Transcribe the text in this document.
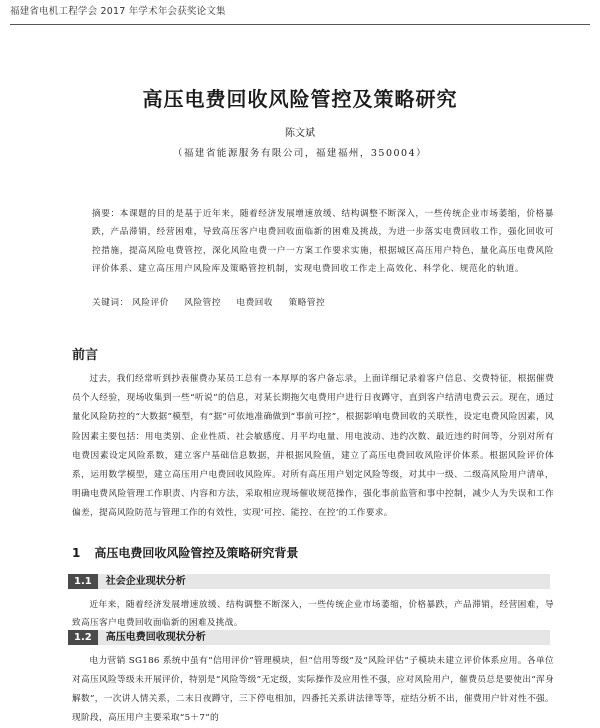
福建省电机工程学会 2017 年学术年会获奖论文集
高压电费回收风险管控及策略研究
陈文斌
（福建省能源服务有限公司，福建福州，350004）
摘要：本课题的目的是基于近年来，随着经济发展增速放缓、结构调整不断深入，一些传统企业市场萎缩，价格暴跌，产品滞销，经营困难，导致高压客户电费回收面临新的困难及挑战，为进一步落实电费回收工作，强化回收可控措施，提高风险电费管控，深化风险电费一户一方案工作要求实施，根据城区高压用户特色，量化高压电费风险评价体系、建立高压用户风险库及策略管控机制，实现电费回收工作走上高效化、科学化、规范化的轨道。
关键词： 风险评价 风险管控 电费回收 策略管控
前言
过去，我们经常听到抄表催费办某员工总有一本厚厚的客户备忘录，上面详细记录着客户信息、交费特征，根据催费员个人经验，现场收集到一些“听说”的信息，对某长期拖欠电费用户进行日夜蹲守，直到客户结清电费云云。现在，通过量化风险防控的“大数据”模型，有“据”可依地准确做到“事前可控”，根据影响电费回收的关联性，设定电费风险因素，风险因素主要包括：用电类别、企业性质、社会敏感度、月平均电量、用电波动、违约次数、最近违约时间等，分别对所有电费因素设定风险系数，建立客户基础信息数据，并根据风险值，建立了高压电费回收风险评价体系。根据风险评价体系，运用数学模型，建立高压用户电费回收风险库。对所有高压用户划定风险等级，对其中一级、二级高风险用户清单，明确电费风险管理工作职责、内容和方法，采取相应现场催收规范操作，强化事前监管和事中控制，减少人为失误和工作偏差，提高风险防范与管理工作的有效性，实现‘可控、能控、在控’的工作要求。
1 高压电费回收风险管控及策略研究背景
1.1 社会企业现状分析
近年来，随着经济发展增速放缓、结构调整不断深入，一些传统企业市场萎缩，价格暴跌，产品滞销，经营困难，导致高压客户电费回收面临新的困难及挑战。
1.2 高压电费回收现状分析
电力营销 SG186 系统中虽有“信用评价”管理模块，但“信用等级”及“风险评估”子模块未建立评价体系应用。各单位对高压风险等级未开展评价，特别是“风险等级”无定级，实际操作及应用性不强，应对风险用户，催费员总是要使出“浑身解数”，一次讲人情关系，二末日夜蹲守，三下停电相加，四番托关系讲法律等等，症结分析不出，催费用户针对性不强。现阶段，高压用户主要采取“5＋7”的
